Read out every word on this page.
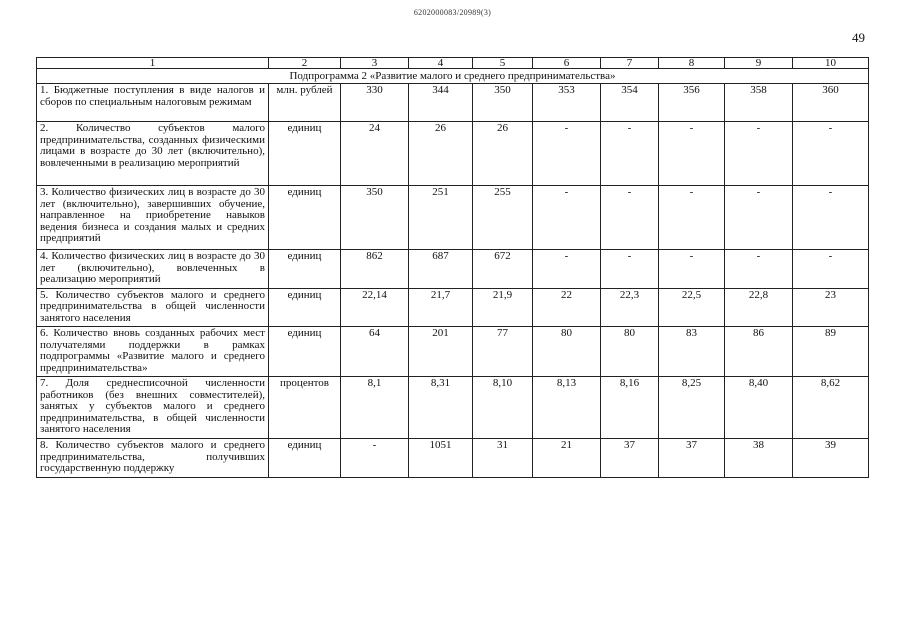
6202000083/20989(3)
49
1	2	3	4	5	6	7	8	9	10
Подпрограмма 2 «Развитие малого и среднего предпринимательства»									
1. Бюджетные поступления в виде налогов и сборов по специальным налоговым режимам	млн. рублей	330	344	350	353	354	356	358	360
2. Количество субъектов малого предпринимательства, созданных физическими лицами в возрасте до 30 лет (включительно), вовлеченными в реализацию мероприятий	единиц	24	26	26	-	-	-	-	-
3. Количество физических лиц в возрасте до 30 лет (включительно), завершивших обучение, направленное на приобретение навыков ведения бизнеса и создания малых и средних предприятий	единиц	350	251	255	-	-	-	-	-
4. Количество физических лиц в возрасте до 30 лет (включительно), вовлеченных в реализацию мероприятий	единиц	862	687	672	-	-	-	-	-
5. Количество субъектов малого и среднего предпринимательства в общей численности занятого населения	единиц	22,14	21,7	21,9	22	22,3	22,5	22,8	23
6. Количество вновь созданных рабочих мест получателями поддержки в рамках подпрограммы «Развитие малого и среднего предпринимательства»	единиц	64	201	77	80	80	83	86	89
7. Доля среднесписочной численности работников (без внешних совместителей), занятых у субъектов малого и среднего предпринимательства, в общей численности занятого населения	процентов	8,1	8,31	8,10	8,13	8,16	8,25	8,40	8,62
8. Количество субъектов малого и среднего предпринимательства, получивших государственную поддержку	единиц	-	1051	31	21	37	37	38	39
